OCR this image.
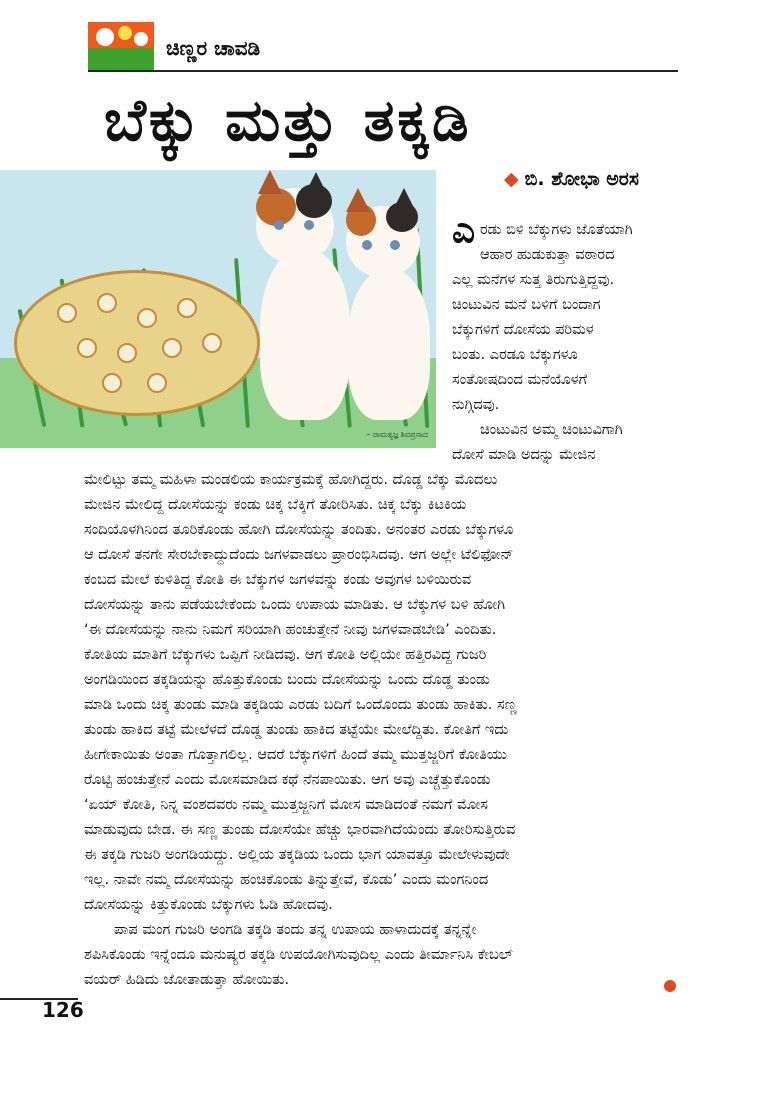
ಚಿಣ್ಣರ ಚಾವಡಿ
ಬೆಕ್ಕು ಮತ್ತು ತಕ್ಕಡಿ
– ರಾಮತ್ಯಜ್ಞ ಶಿವಪ್ರಸಾದ
◆ ಬಿ. ಶೋಭಾ ಅರಸ
ಎ ರಡು ಬಿಳಿ ಬೆಕ್ಕುಗಳು ಜೊತೆಯಾಗಿ
ಆಹಾರ ಹುಡುಕುತ್ತಾ ವಠಾರದ
ಎಲ್ಲ ಮನೆಗಳ ಸುತ್ತ ತಿರುಗುತ್ತಿದ್ದವು.
ಚಿಂಟುವಿನ ಮನೆ ಬಳಿಗೆ ಬಂದಾಗ
ಬೆಕ್ಕುಗಳಿಗೆ ದೋಸೆಯ ಪರಿಮಳ
ಬಂತು. ಎರಡೂ ಬೆಕ್ಕುಗಳೂ
ಸಂತೋಷದಿಂದ ಮನೆಯೊಳಗೆ
ನುಗ್ಗಿದವು.
ಚಿಂಟುವಿನ ಅಮ್ಮ ಚಿಂಟುವಿಗಾಗಿ
ದೋಸೆ ಮಾಡಿ ಅದನ್ನು ಮೇಜಿನ
ಮೇಲಿಟ್ಟು ತಮ್ಮ ಮಹಿಳಾ ಮಂಡಲಿಯ ಕಾರ್ಯಕ್ರಮಕ್ಕೆ ಹೋಗಿದ್ದರು. ದೊಡ್ಡ ಬೆಕ್ಕು ಮೊದಲು
ಮೇಜಿನ ಮೇಲಿದ್ದ ದೋಸೆಯನ್ನು ಕಂಡು ಚಿಕ್ಕ ಬೆಕ್ಕಿಗೆ ತೋರಿಸಿತು. ಚಿಕ್ಕ ಬೆಕ್ಕು ಕಿಟಕಿಯ
ಸಂದಿಯೊಳಗಿನಿಂದ ತೂರಿಕೊಂಡು ಹೋಗಿ ದೋಸೆಯನ್ನು ತಂದಿತು. ಅನಂತರ ಎರಡು ಬೆಕ್ಕುಗಳೂ
ಆ ದೋಸೆ ತನಗೇ ಸೇರಬೇಕಾದ್ದುದೆಂದು ಜಗಳವಾಡಲು ಪ್ರಾರಂಭಿಸಿದವು. ಆಗ ಅಲ್ಲೇ ಟೆಲಿಫೋನ್
ಕಂಬದ ಮೇಲೆ ಕುಳಿತಿದ್ದ ಕೋತಿ ಈ ಬೆಕ್ಕುಗಳ ಜಗಳವನ್ನು ಕಂಡು ಅವುಗಳ ಬಳಿಯಿರುವ
ದೋಸೆಯನ್ನು ತಾನು ಪಡೆಯಬೇಕೆಂದು ಒಂದು ಉಪಾಯ ಮಾಡಿತು. ಆ ಬೆಕ್ಕುಗಳ ಬಳಿ ಹೋಗಿ
‘ಈ ದೋಸೆಯನ್ನು ನಾನು ನಿಮಗೆ ಸರಿಯಾಗಿ ಹಂಚುತ್ತೇನೆ ನೀವು ಜಗಳವಾಡಬೇಡಿ’ ಎಂದಿತು.
ಕೋತಿಯ ಮಾತಿಗೆ ಬೆಕ್ಕುಗಳು ಒಪ್ಪಿಗೆ ನೀಡಿದವು. ಆಗ ಕೋತಿ ಅಲ್ಲಿಯೇ ಹತ್ತಿರವಿದ್ದ ಗುಜರಿ
ಅಂಗಡಿಯಿಂದ ತಕ್ಕಡಿಯನ್ನು ಹೊತ್ತುಕೊಂಡು ಬಂದು ದೋಸೆಯನ್ನು ಒಂದು ದೊಡ್ಡ ತುಂಡು
ಮಾಡಿ ಒಂದು ಚಿಕ್ಕ ತುಂಡು ಮಾಡಿ ತಕ್ಕಡಿಯ ಎರಡು ಬದಿಗೆ ಒಂದೊಂದು ತುಂಡು ಹಾಕಿತು. ಸಣ್ಣ
ತುಂಡು ಹಾಕಿದ ತಟ್ಟೆ ಮೇಲೆಳದೆ ದೊಡ್ಡ ತುಂಡು ಹಾಕಿದ ತಟ್ಟೆಯೇ ಮೇಲೆದ್ದಿತು. ಕೋತಿಗೆ ಇದು
ಹೀಗೇಕಾಯಿತು ಅಂತಾ ಗೊತ್ತಾಗಲಿಲ್ಲ. ಆದರೆ ಬೆಕ್ಕುಗಳಿಗೆ ಹಿಂದೆ ತಮ್ಮ ಮುತ್ತಜ್ಜರಿಗೆ ಕೋತಿಯು
ರೊಟ್ಟಿ ಹಂಚುತ್ತೇನೆ ಎಂದು ಮೋಸಮಾಡಿದ ಕಥೆ ನೆನಪಾಯಿತು. ಆಗ ಅವು ಎಚ್ಚೆತ್ತುಕೊಂಡು
‘ಏಯ್ ಕೋತಿ, ನಿನ್ನ ವಂಶದವರು ನಮ್ಮ ಮುತ್ತಜ್ಜನಿಗೆ ಮೋಸ ಮಾಡಿದಂತೆ ನಮಗೆ ಮೋಸ
ಮಾಡುವುದು ಬೇಡ. ಈ ಸಣ್ಣ ತುಂಡು ದೋಸೆಯೇ ಹೆಚ್ಚು ಭಾರವಾಗಿದೆಯೆಂದು ತೋರಿಸುತ್ತಿರುವ
ಈ ತಕ್ಕಡಿ ಗುಜರಿ ಅಂಗಡಿಯದ್ದು. ಅಲ್ಲಿಯ ತಕ್ಕಡಿಯ ಒಂದು ಭಾಗ ಯಾವತ್ತೂ ಮೇಲೇಳುವುದೇ
ಇಲ್ಲ. ನಾವೇ ನಮ್ಮ ದೋಸೆಯನ್ನು ಹಂಚಿಕೊಂಡು ತಿನ್ನುತ್ತೇವೆ, ಕೊಡು’ ಎಂದು ಮಂಗನಿಂದ
ದೋಸೆಯನ್ನು ಕಿತ್ತುಕೊಂಡು ಬೆಕ್ಕುಗಳು ಓಡಿ ಹೋದವು.
ಪಾಪ ಮಂಗ ಗುಜರಿ ಅಂಗಡಿ ತಕ್ಕಡಿ ತಂದು ತನ್ನ ಉಪಾಯ ಹಾಳಾದುದಕ್ಕೆ ತನ್ನನ್ನೇ
ಶಪಿಸಿಕೊಂಡು ಇನ್ನೆಂದೂ ಮನುಷ್ಯರ ತಕ್ಕಡಿ ಉಪಯೋಗಿಸುವುದಿಲ್ಲ ಎಂದು ತೀರ್ಮಾನಿಸಿ ಕೇಬಲ್
ವಯರ್ ಹಿಡಿದು ಜೋತಾಡುತ್ತಾ ಹೋಯಿತು.
126
